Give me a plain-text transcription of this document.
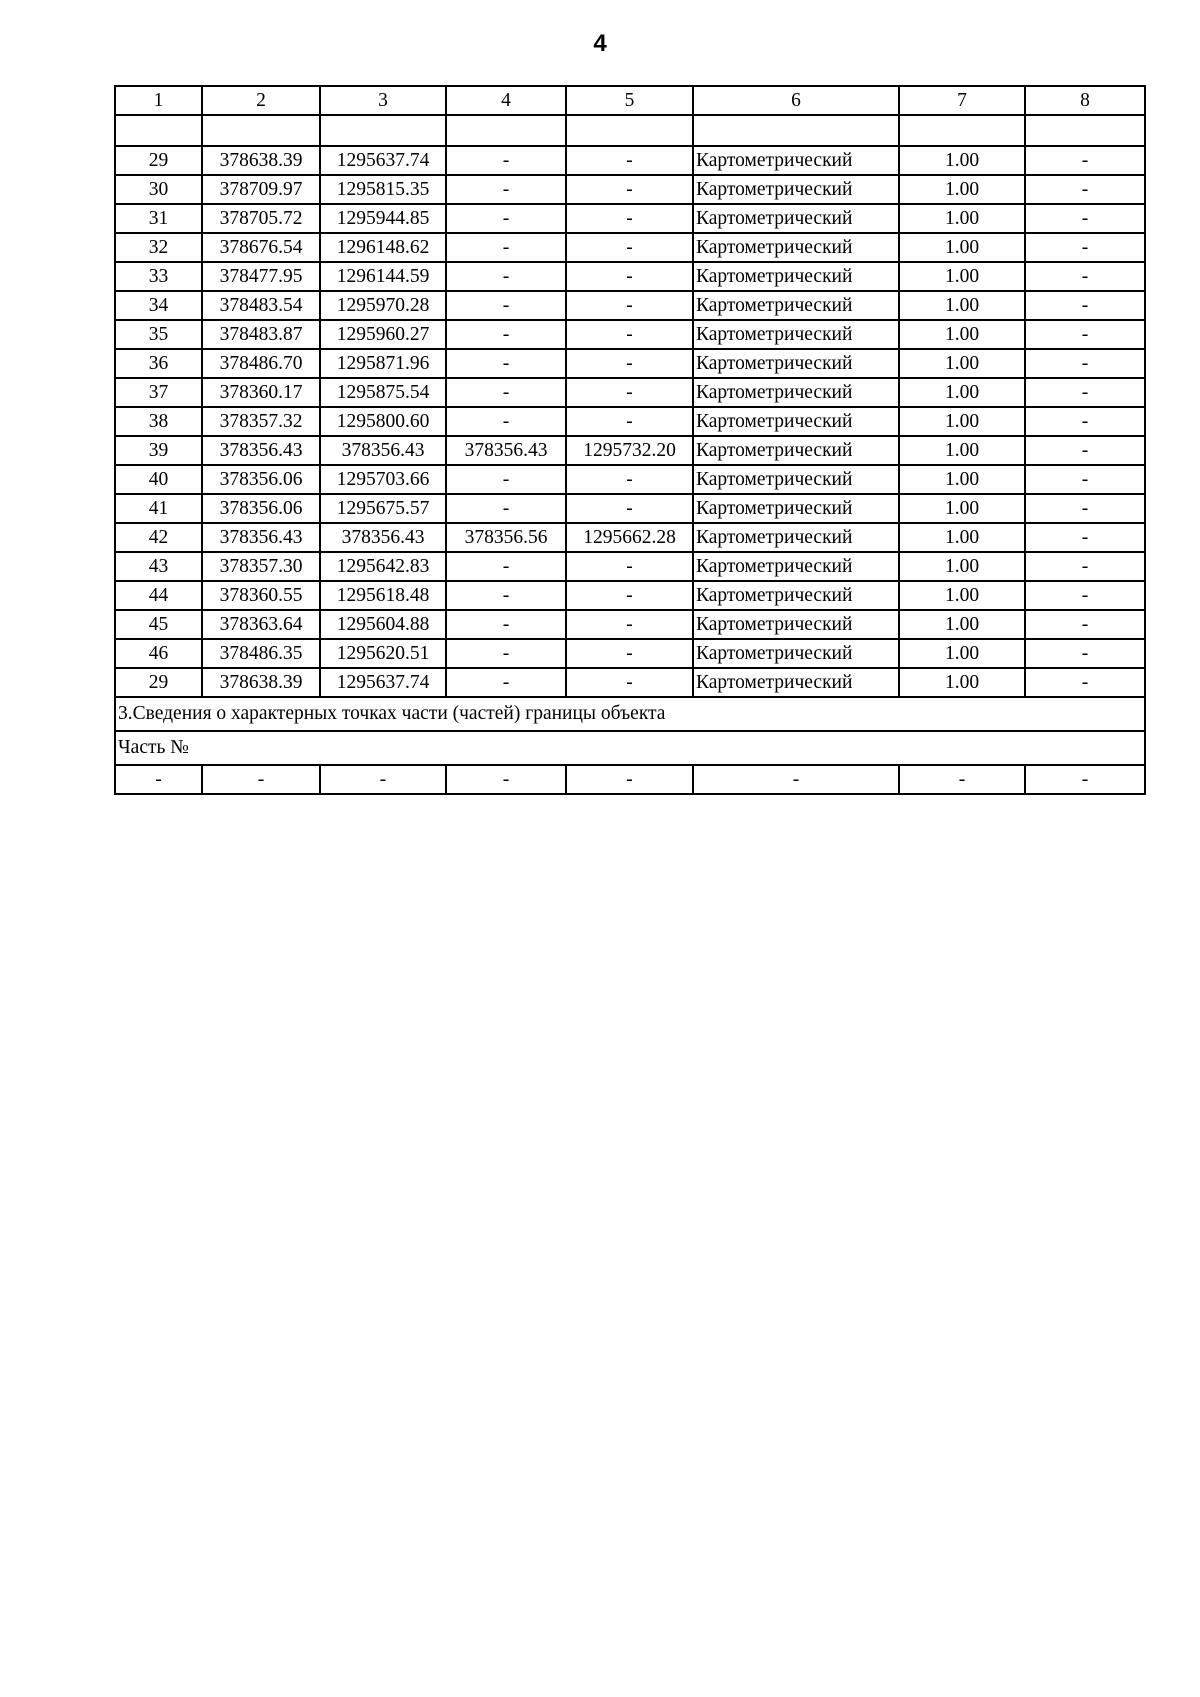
4
1	2	3	4	5	6	7	8

29	378638.39	1295637.74	-	-	Картометрический	1.00	-
30	378709.97	1295815.35	-	-	Картометрический	1.00	-
31	378705.72	1295944.85	-	-	Картометрический	1.00	-
32	378676.54	1296148.62	-	-	Картометрический	1.00	-
33	378477.95	1296144.59	-	-	Картометрический	1.00	-
34	378483.54	1295970.28	-	-	Картометрический	1.00	-
35	378483.87	1295960.27	-	-	Картометрический	1.00	-
36	378486.70	1295871.96	-	-	Картометрический	1.00	-
37	378360.17	1295875.54	-	-	Картометрический	1.00	-
38	378357.32	1295800.60	-	-	Картометрический	1.00	-
39	378356.43	378356.43	378356.43	1295732.20	Картометрический	1.00	-
40	378356.06	1295703.66	-	-	Картометрический	1.00	-
41	378356.06	1295675.57	-	-	Картометрический	1.00	-
42	378356.43	378356.43	378356.56	1295662.28	Картометрический	1.00	-
43	378357.30	1295642.83	-	-	Картометрический	1.00	-
44	378360.55	1295618.48	-	-	Картометрический	1.00	-
45	378363.64	1295604.88	-	-	Картометрический	1.00	-
46	378486.35	1295620.51	-	-	Картометрический	1.00	-
29	378638.39	1295637.74	-	-	Картометрический	1.00	-
3.Сведения о характерных точках части (частей) границы объекта							
Часть №							
-	-	-	-	-	-	-	-
